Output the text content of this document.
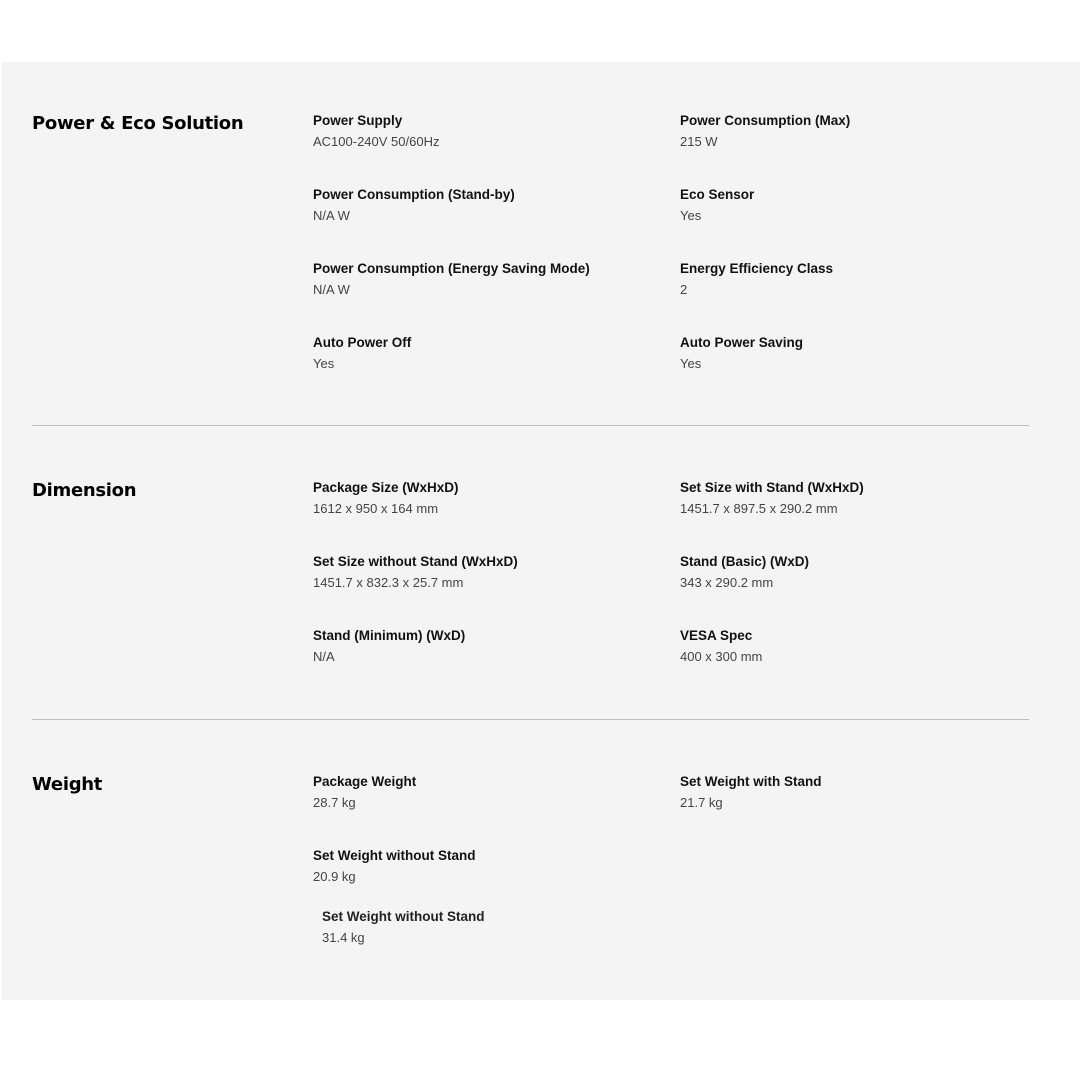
Power & Eco Solution	Power Supply
AC100-240V 50/60Hz
Power Consumption (Max)
215 W
Power Consumption (Stand-by)
N/A W
Eco Sensor
Yes
Power Consumption (Energy Saving Mode)
N/A W
Energy Efficiency Class
2
Auto Power Off
Yes
Auto Power Saving
Yes
Dimension	Package Size (WxHxD)
1612 x 950 x 164 mm
Set Size with Stand (WxHxD)
1451.7 x 897.5 x 290.2 mm
Set Size without Stand (WxHxD)
1451.7 x 832.3 x 25.7 mm
Stand (Basic) (WxD)
343 x 290.2 mm
Stand (Minimum) (WxD)
N/A
VESA Spec
400 x 300 mm
Weight	Package Weight
28.7 kg
Set Weight with Stand
21.7 kg
Set Weight without Stand
20.9 kg
Set Weight without Stand
31.4 kg
